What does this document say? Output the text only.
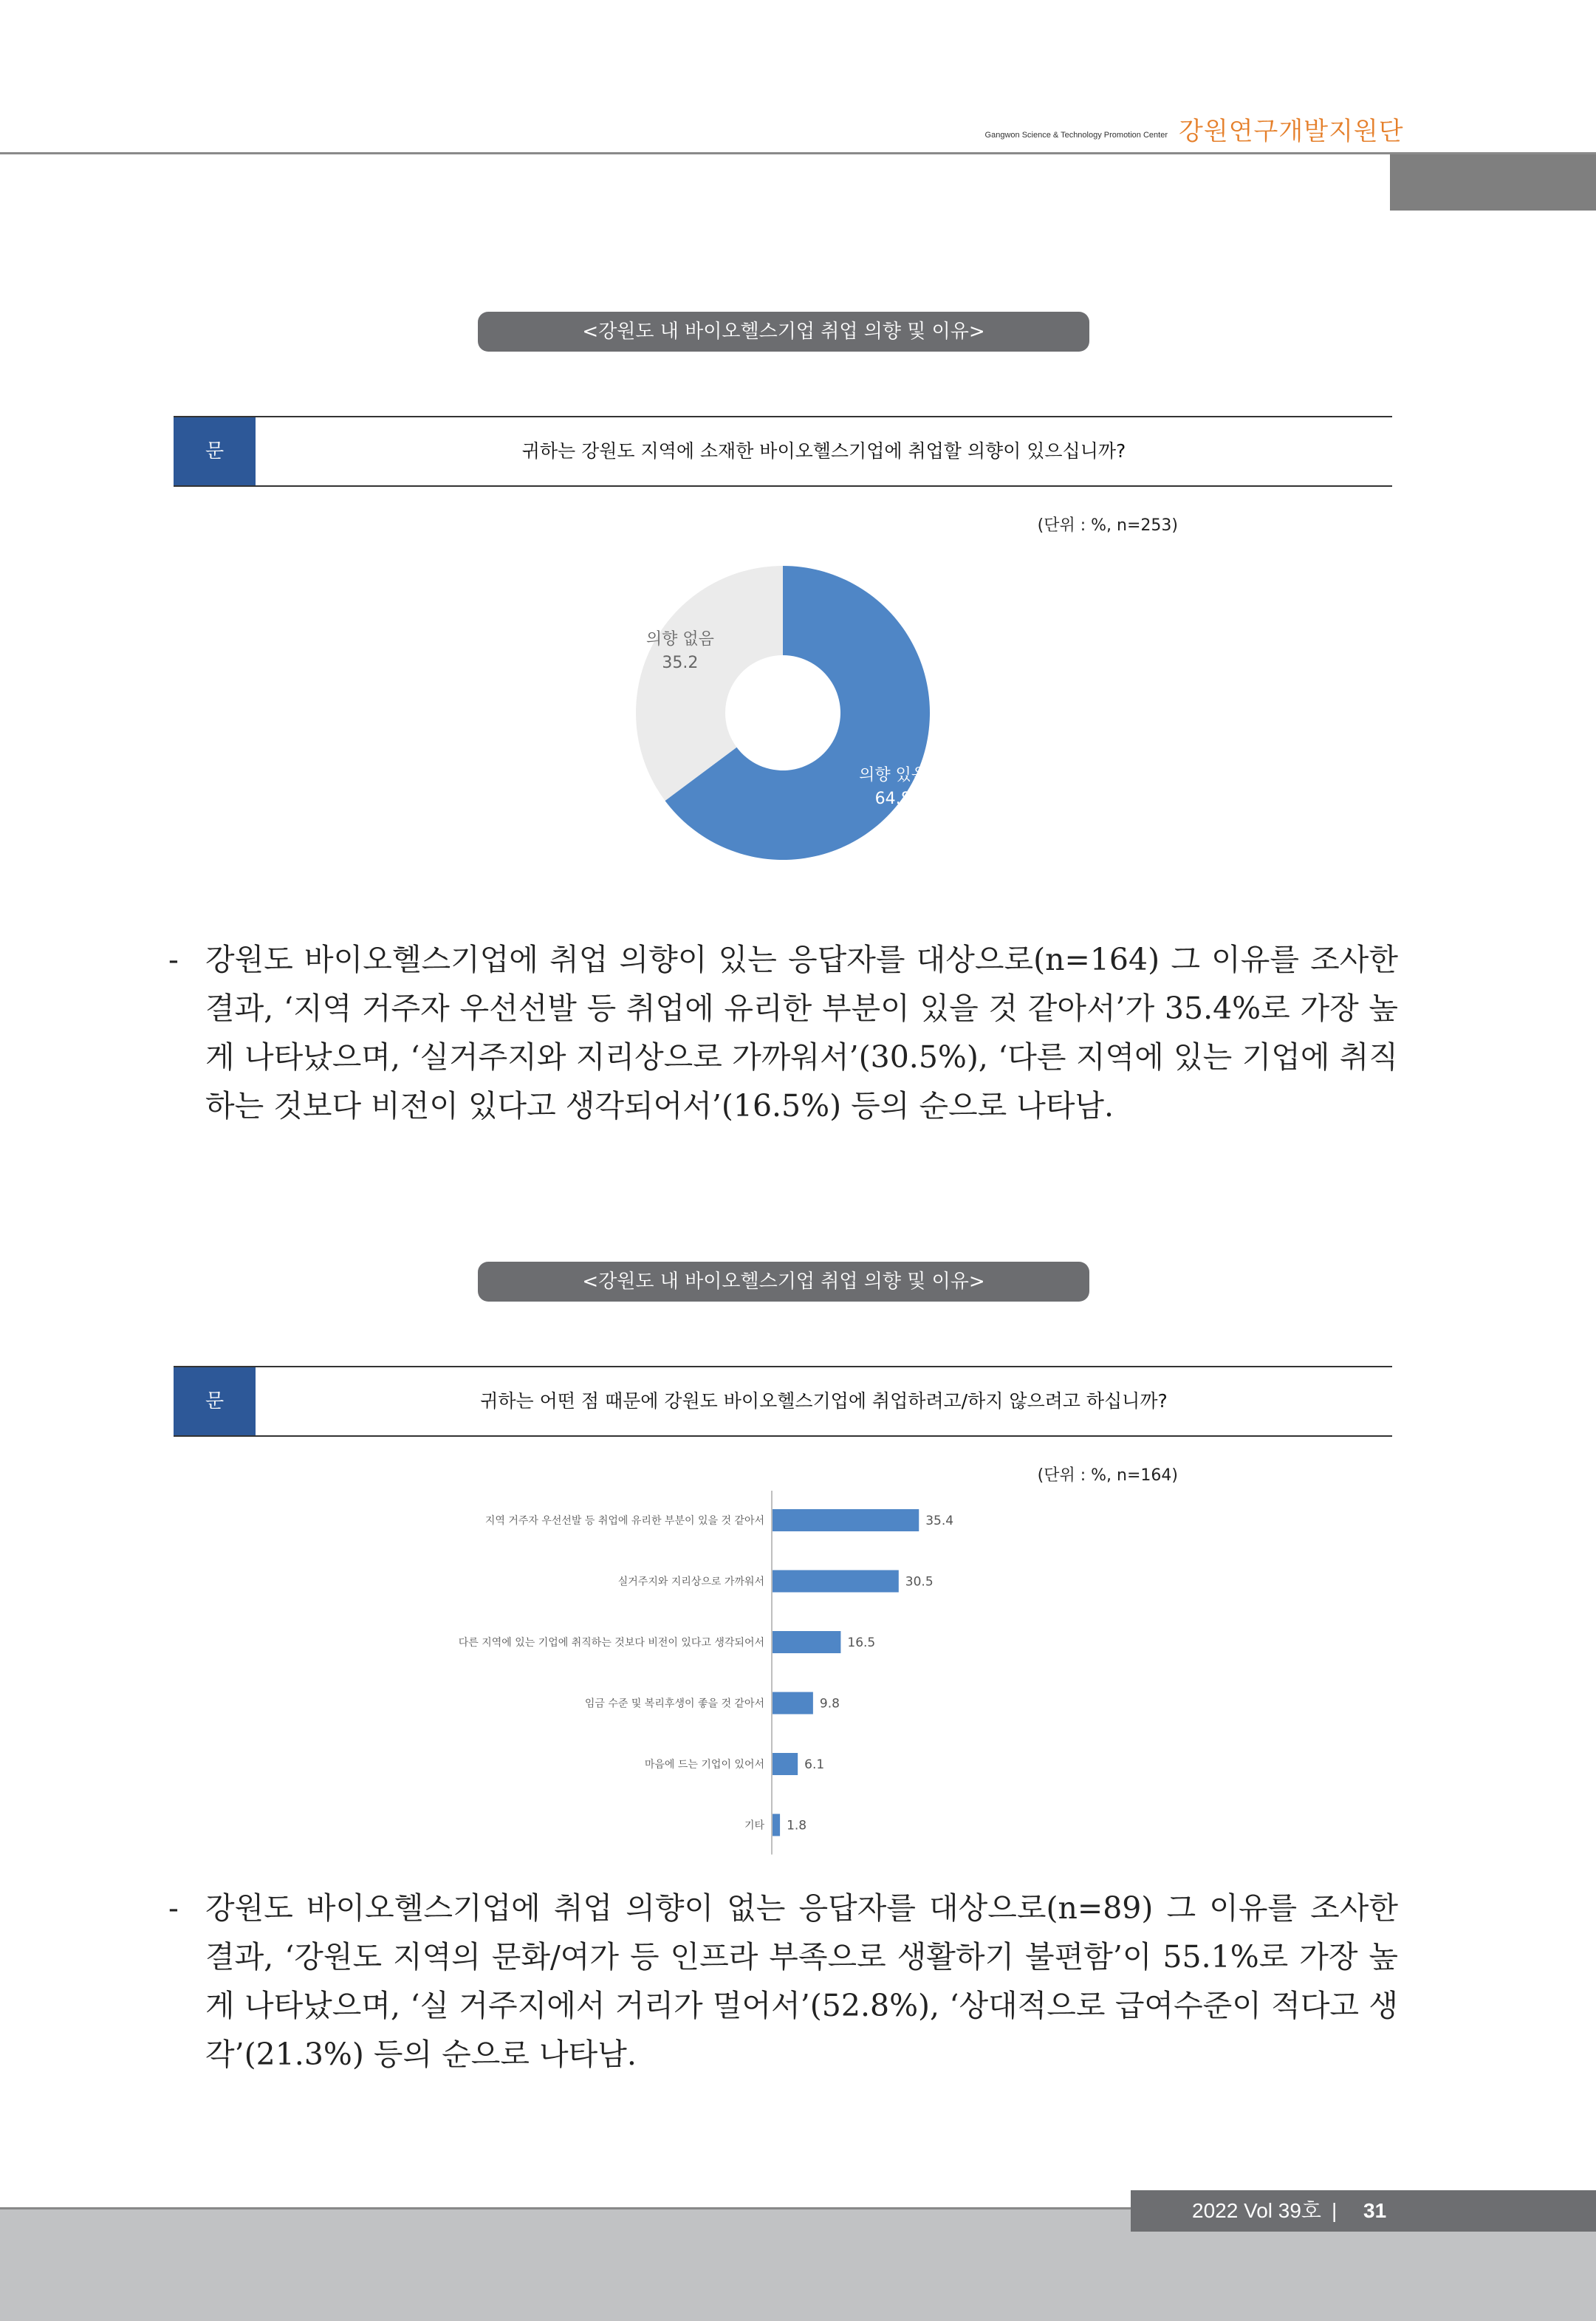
Gangwon Science & Technology Promotion Center 강원연구개발지원단
<강원도 내 바이오헬스기업 취업 의향 및 이유>
문	귀하는 강원도 지역에 소재한 바이오헬스기업에 취업할 의향이 있으십니까?
(단위 : %, n=253)
의향 있음
64.8
의향 없음
35.2
- 강원도 바이오헬스기업에 취업 의향이 있는 응답자를 대상으로(n=164) 그 이유를 조사한 결과, ‘지역 거주자 우선선발 등 취업에 유리한 부분이 있을 것 같아서’가 35.4%로 가장 높게 나타났으며, ‘실거주지와 지리상으로 가까워서’(30.5%), ‘다른 지역에 있는 기업에 취직하는 것보다 비전이 있다고 생각되어서’(16.5%) 등의 순으로 나타남.
<강원도 내 바이오헬스기업 취업 의향 및 이유>
문	귀하는 어떤 점 때문에 강원도 바이오헬스기업에 취업하려고/하지 않으려고 하십니까?
(단위 : %, n=164)
지역 거주자 우선선발 등 취업에 유리한 부분이 있을 것 같아서	35.4
실거주지와 지리상으로 가까워서	30.5
다른 지역에 있는 기업에 취직하는 것보다 비전이 있다고 생각되어서	16.5
임금 수준 및 복리후생이 좋을 것 같아서	9.8
마음에 드는 기업이 있어서	6.1
기타 1.8
- 강원도 바이오헬스기업에 취업 의향이 없는 응답자를 대상으로(n=89) 그 이유를 조사한 결과, ‘강원도 지역의 문화/여가 등 인프라 부족으로 생활하기 불편함’이 55.1%로 가장 높게 나타났으며, ‘실 거주지에서 거리가 멀어서’(52.8%), ‘상대적으로 급여수준이 적다고 생각’(21.3%) 등의 순으로 나타남.
2022 Vol 39호 | 31
